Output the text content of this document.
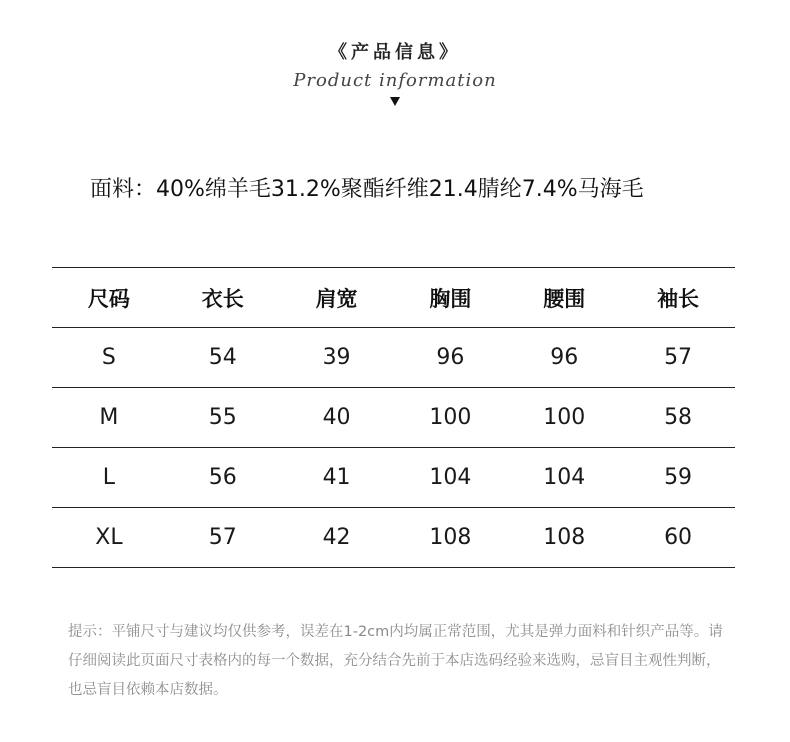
《产品信息》
Product information
面料：40%绵羊毛31.2%聚酯纤维21.4腈纶7.4%马海毛
尺码	衣长	肩宽	胸围	腰围	袖长
S	54	39	96	96	57
M	55	40	100	100	58
L	56	41	104	104	59
XL	57	42	108	108	60
提示：平铺尺寸与建议均仅供参考，误差在1-2cm内均属正常范围，尤其是弹力面料和针织产品等。请仔细阅读此页面尺寸表格内的每一个数据，充分结合先前于本店选码经验来选购，忌盲目主观性判断，也忌盲目依赖本店数据。
